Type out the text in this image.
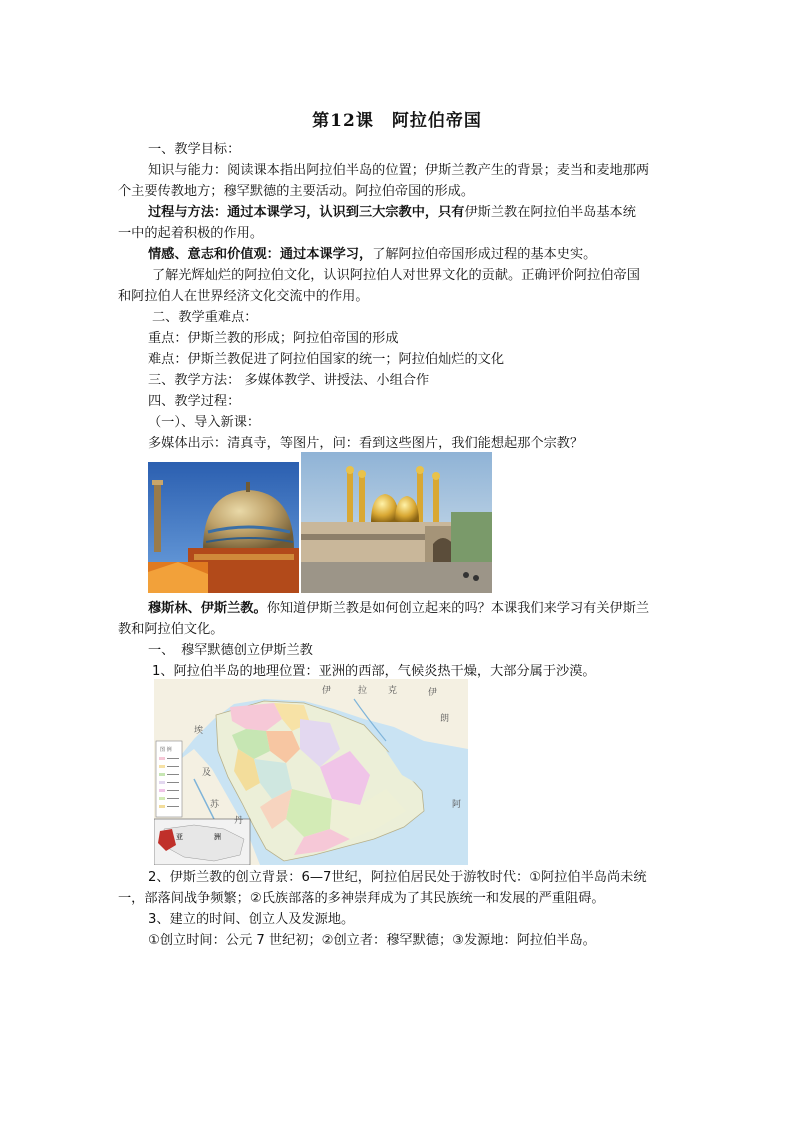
第12课　阿拉伯帝国
一、教学目标：
知识与能力：阅读课本指出阿拉伯半岛的位置；伊斯兰教产生的背景；麦当和麦地那两
个主要传教地方；穆罕默德的主要活动。阿拉伯帝国的形成。
过程与方法：通过本课学习，认识到三大宗教中，只有伊斯兰教在阿拉伯半岛基本统
一中的起着积极的作用。
情感、意志和价值观：通过本课学习，了解阿拉伯帝国形成过程的基本史实。
了解光辉灿烂的阿拉伯文化，认识阿拉伯人对世界文化的贡献。正确评价阿拉伯帝国
和阿拉伯人在世界经济文化交流中的作用。
二、教学重难点：
重点：伊斯兰教的形成；阿拉伯帝国的形成
难点：伊斯兰教促进了阿拉伯国家的统一；阿拉伯灿烂的文化
三、教学方法： 多媒体教学、讲授法、小组合作
四、教学过程：
（一）、导入新课：
多媒体出示：清真寺，等图片，问：看到这些图片，我们能想起那个宗教？
穆斯林、伊斯兰教。你知道伊斯兰教是如何创立起来的吗？本课我们来学习有关伊斯兰
教和阿拉伯文化。
一、　穆罕默德创立伊斯兰教
1、阿拉伯半岛的地理位置：亚洲的西部，气候炎热干燥，大部分属于沙漠。
图 例
亚	洲
伊	拉 克	伊
朗
埃
及
苏
丹
阿
2、伊斯兰教的创立背景：6—7世纪，阿拉伯居民处于游牧时代：①阿拉伯半岛尚未统
一，部落间战争频繁；②氏族部落的多神崇拜成为了其民族统一和发展的严重阻碍。
3、建立的时间、创立人及发源地。
①创立时间：公元 7 世纪初；②创立者：穆罕默德；③发源地：阿拉伯半岛。
